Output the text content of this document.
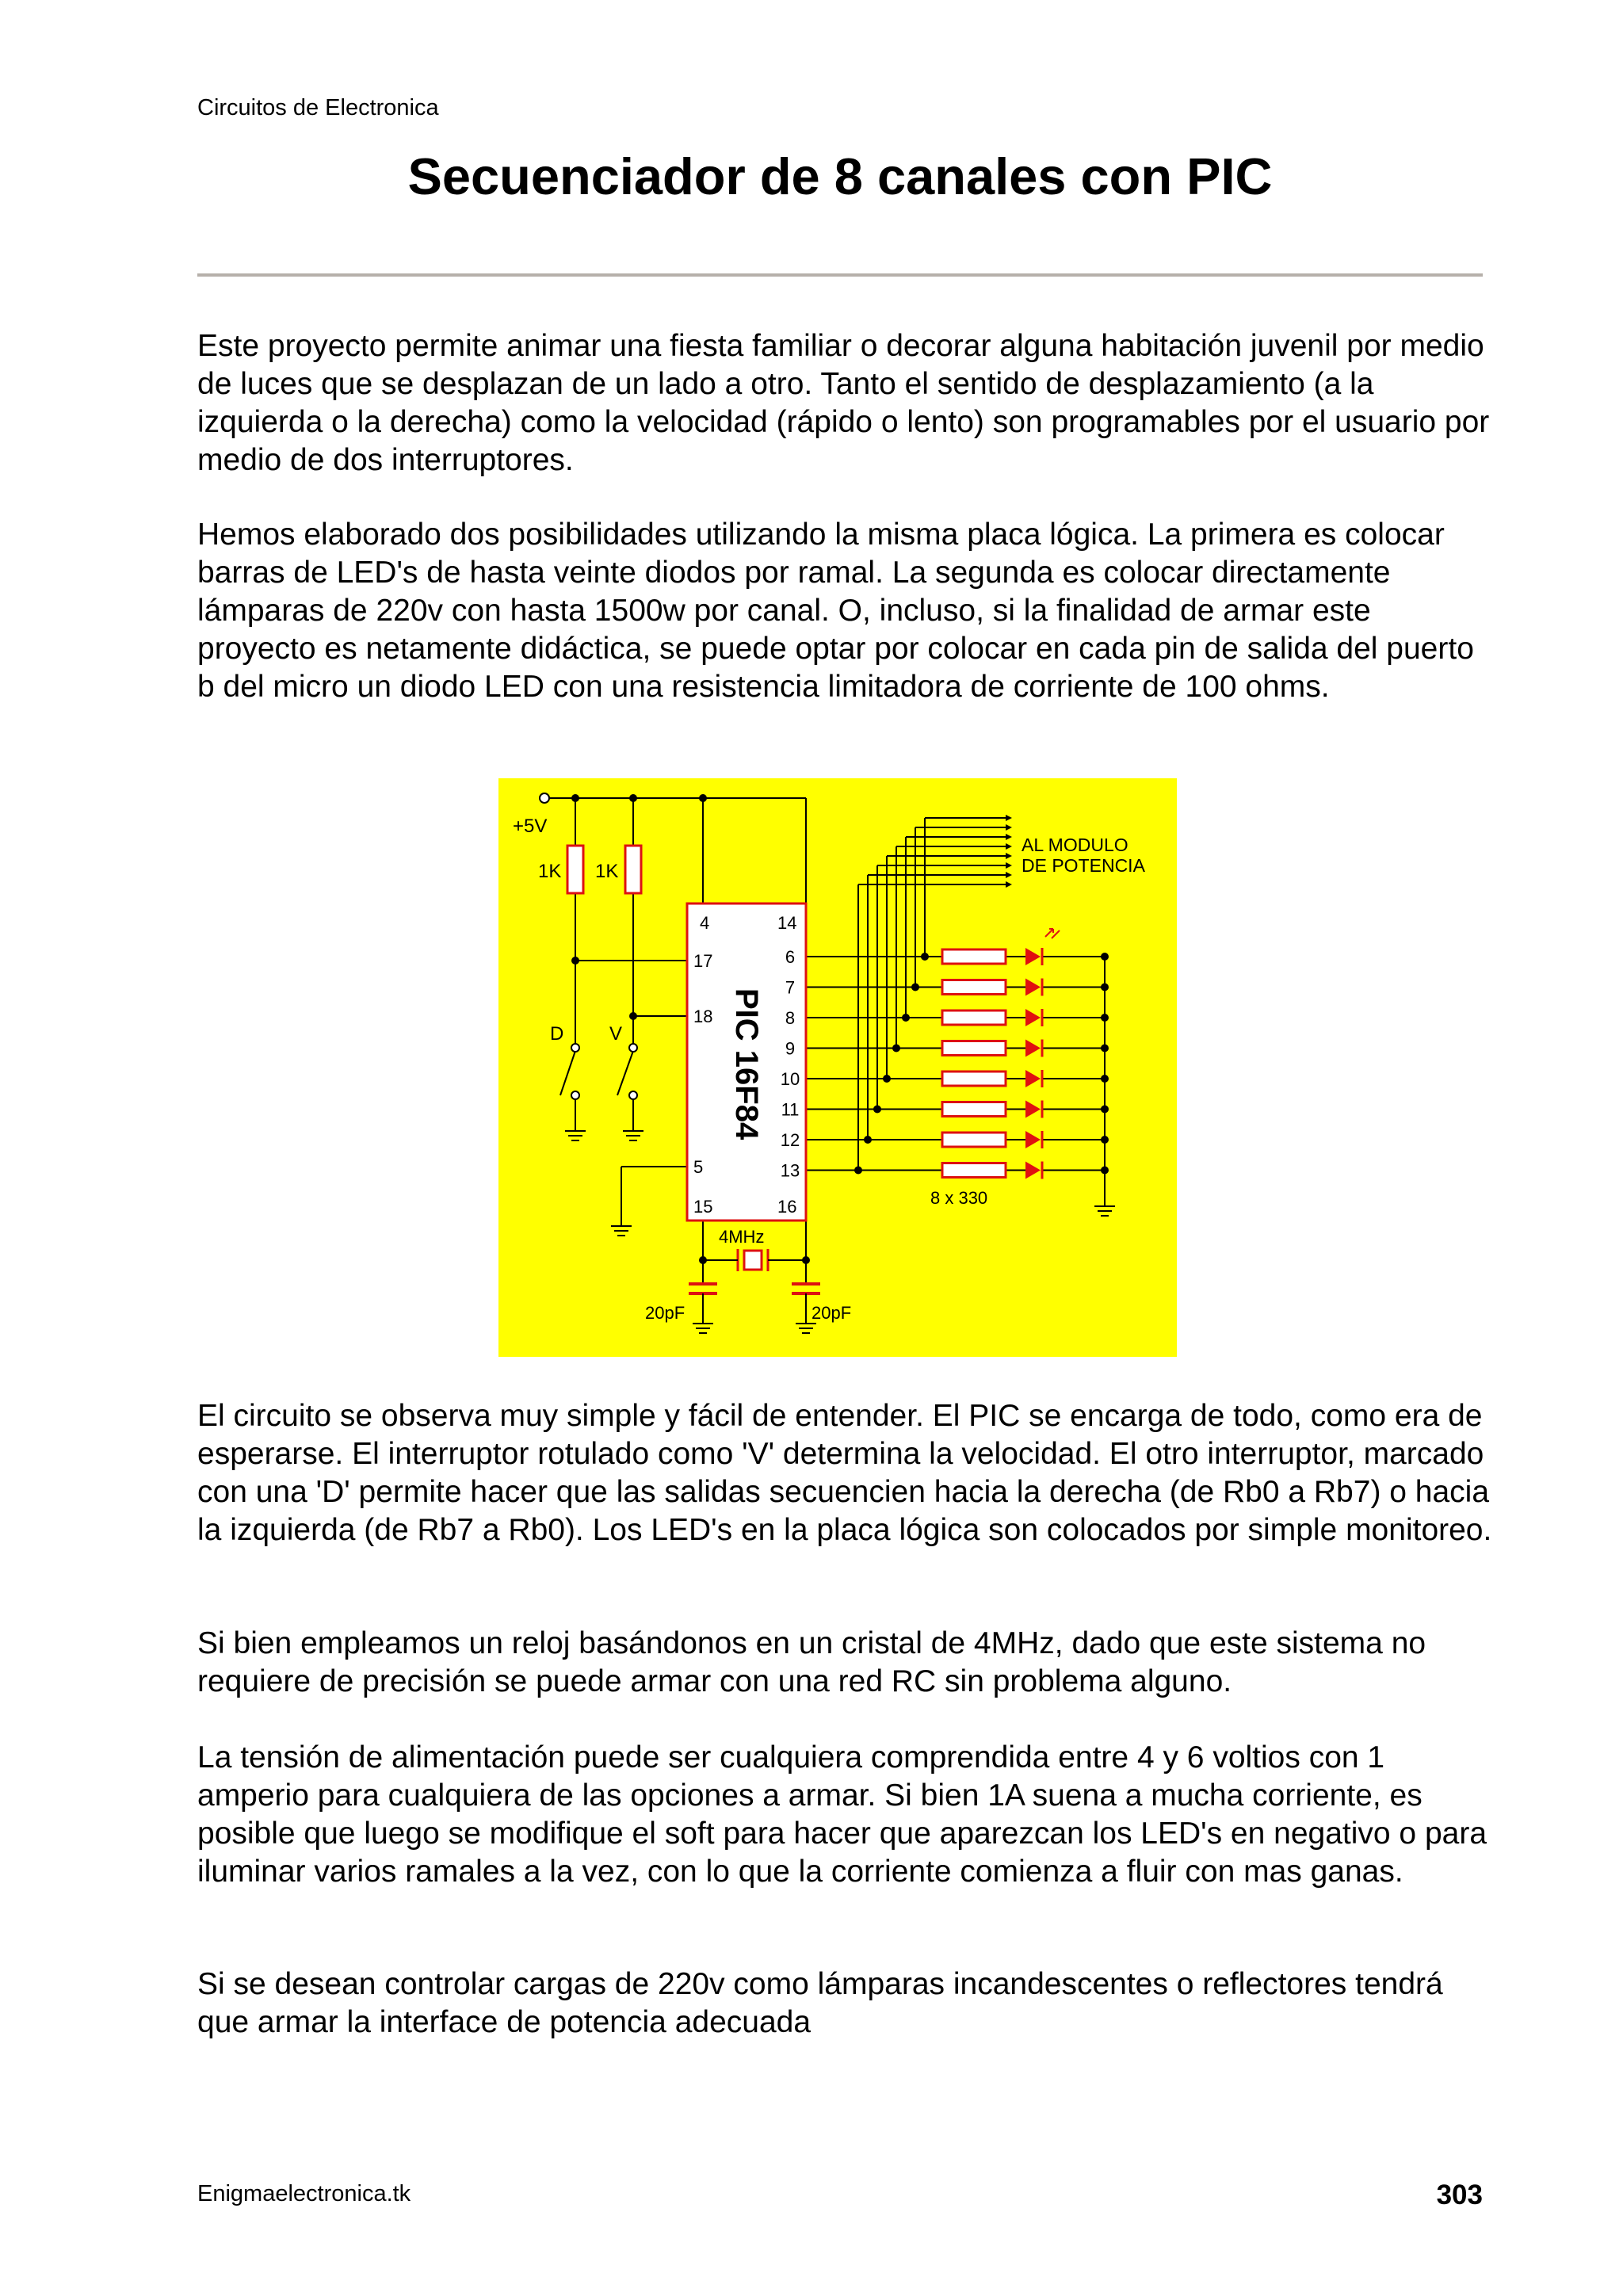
Circuitos de Electronica
Secuenciador de 8 canales con PIC

Este proyecto permite animar una fiesta familiar o decorar alguna habitación juvenil por medio de luces que se desplazan de un lado a otro. Tanto el sentido de desplazamiento (a la izquierda o la derecha) como la velocidad (rápido o lento) son programables por el usuario por medio de dos interruptores.

Hemos elaborado dos posibilidades utilizando la misma placa lógica. La primera es colocar barras de LED's de hasta veinte diodos por ramal. La segunda es colocar directamente lámparas de 220v con hasta 1500w por canal. O, incluso, si la finalidad de armar este proyecto es netamente didáctica, se puede optar por colocar en cada pin de salida del puerto b del micro un diodo LED con una resistencia limitadora de corriente de 100 ohms.

+5V
1K 1K
D V	PIC 16F84
4	14
17
18
5
15	16
6
7
8
9
10
11
12
13
AL MODULO
DE POTENCIA
8 x 330
4MHz
20pF	20pF

El circuito se observa muy simple y fácil de entender. El PIC se encarga de todo, como era de esperarse. El interruptor rotulado como 'V' determina la velocidad. El otro interruptor, marcado con una 'D' permite hacer que las salidas secuencien hacia la derecha (de Rb0 a Rb7) o hacia la izquierda (de Rb7 a Rb0). Los LED's en la placa lógica son colocados por simple monitoreo.

Si bien empleamos un reloj basándonos en un cristal de 4MHz, dado que este sistema no requiere de precisión se puede armar con una red RC sin problema alguno.

La tensión de alimentación puede ser cualquiera comprendida entre 4 y 6 voltios con 1 amperio para cualquiera de las opciones a armar. Si bien 1A suena a mucha corriente, es posible que luego se modifique el soft para hacer que aparezcan los LED's en negativo o para iluminar varios ramales a la vez, con lo que la corriente comienza a fluir con mas ganas.

Si se desean controlar cargas de 220v como lámparas incandescentes o reflectores tendrá que armar la interface de potencia adecuada

Enigmaelectronica.tk	303
